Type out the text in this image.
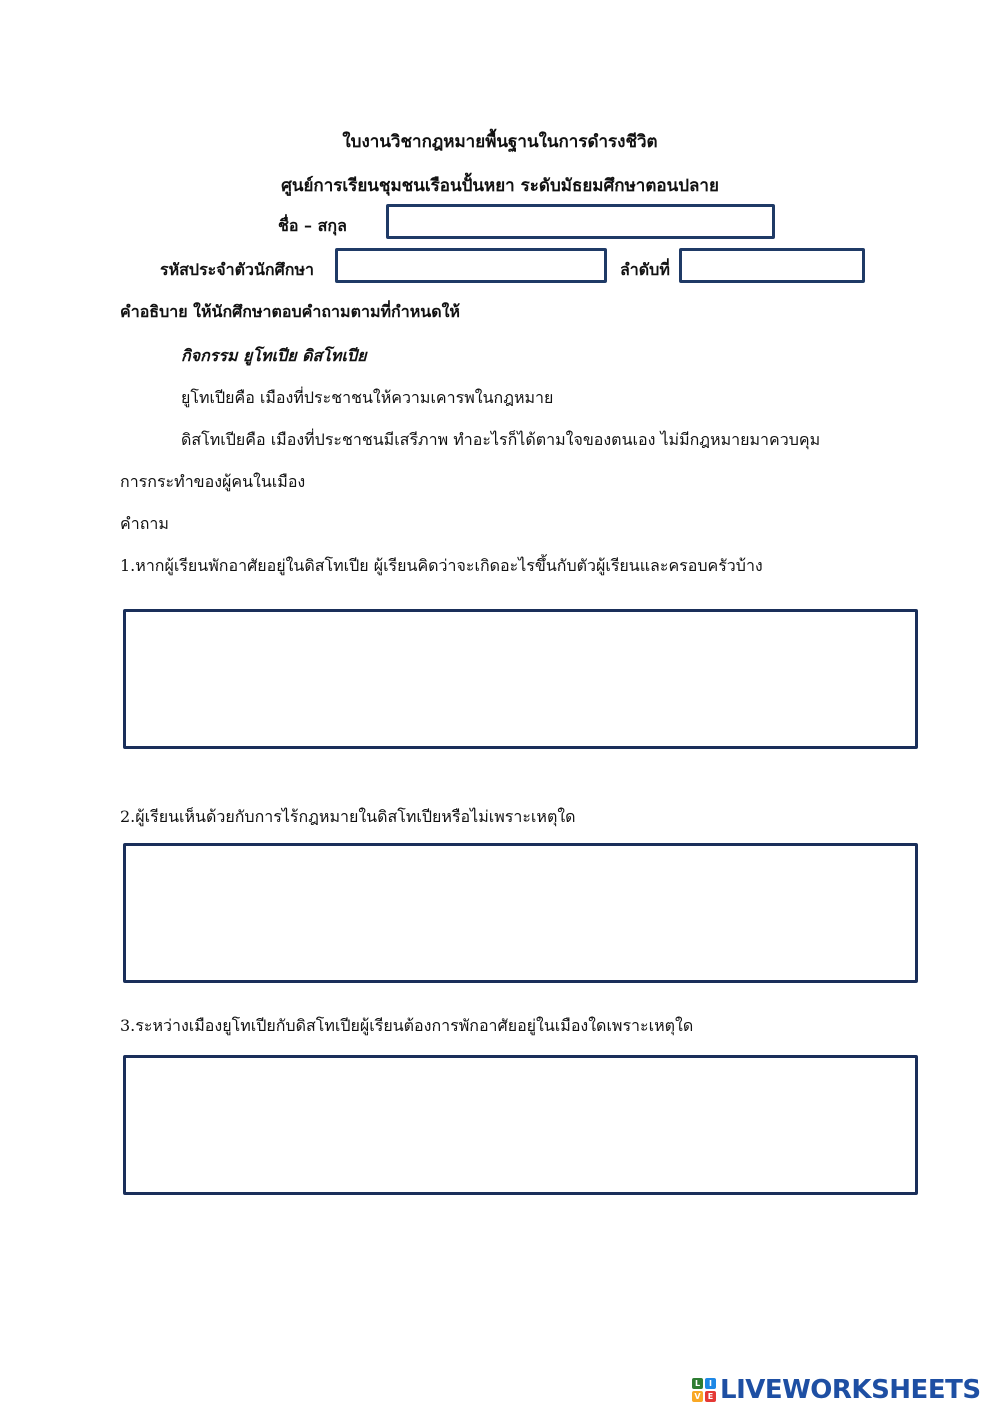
ใบงานวิชากฎหมายพื้นฐานในการดำรงชีวิต
ศูนย์การเรียนชุมชนเรือนปั้นหยา ระดับมัธยมศึกษาตอนปลาย
ชื่อ – สกุล
รหัสประจำตัวนักศึกษา	ลำดับที่
คำอธิบาย ให้นักศึกษาตอบคำถามตามที่กำหนดให้
กิจกรรม ยูโทเปีย ดิสโทเปีย
ยูโทเปียคือ เมืองที่ประชาชนให้ความเคารพในกฎหมาย
ดิสโทเปียคือ เมืองที่ประชาชนมีเสรีภาพ ทำอะไรก็ได้ตามใจของตนเอง ไม่มีกฎหมายมาควบคุม
การกระทำของผู้คนในเมือง
คำถาม
1.หากผู้เรียนพักอาศัยอยู่ในดิสโทเปีย ผู้เรียนคิดว่าจะเกิดอะไรขึ้นกับตัวผู้เรียนและครอบครัวบ้าง
2.ผู้เรียนเห็นด้วยกับการไร้กฎหมายในดิสโทเปียหรือไม่เพราะเหตุใด
3.ระหว่างเมืองยูโทเปียกับดิสโทเปียผู้เรียนต้องการพักอาศัยอยู่ในเมืองใดเพราะเหตุใด
L	I
V E LIVEWORKSHEETS
